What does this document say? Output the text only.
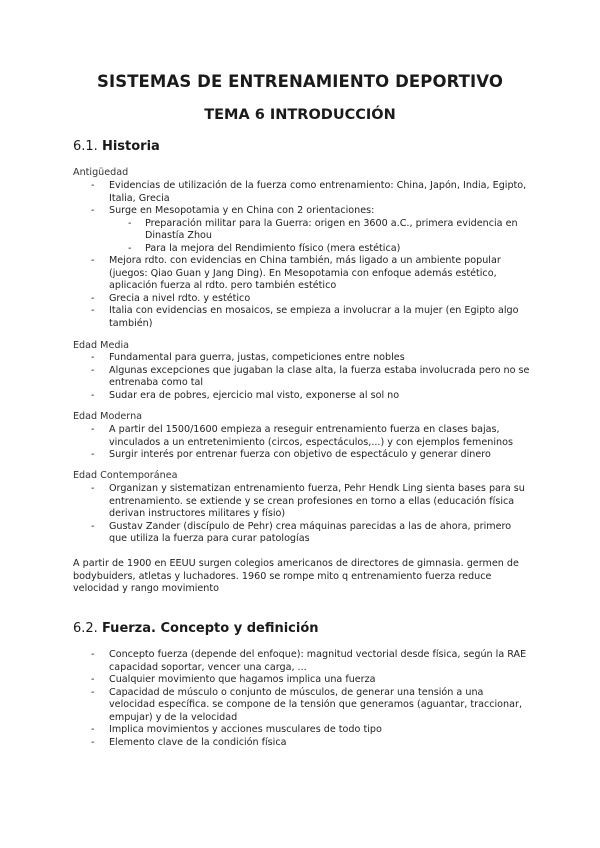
SISTEMAS DE ENTRENAMIENTO DEPORTIVO
TEMA 6 INTRODUCCIÓN
6.1. Historia
Antigüedad
- Evidencias de utilización de la fuerza como entrenamiento: China, Japón, India, Egipto, Italia, Grecia
- Surge en Mesopotamia y en China con 2 orientaciones:
- Preparación militar para la Guerra: origen en 3600 a.C., primera evidencia en Dinastía Zhou
- Para la mejora del Rendimiento físico (mera estética)
- Mejora rdto. con evidencias en China también, más ligado a un ambiente popular (juegos: Qiao Guan y Jang Ding). En Mesopotamia con enfoque además estético, aplicación fuerza al rdto. pero también estético
- Grecia a nivel rdto. y estético
- Italia con evidencias en mosaicos, se empieza a involucrar a la mujer (en Egipto algo también)
Edad Media
- Fundamental para guerra, justas, competiciones entre nobles
- Algunas excepciones que jugaban la clase alta, la fuerza estaba involucrada pero no se entrenaba como tal
- Sudar era de pobres, ejercicio mal visto, exponerse al sol no
Edad Moderna
- A partir del 1500/1600 empieza a reseguir entrenamiento fuerza en clases bajas, vinculados a un entretenimiento (circos, espectáculos,...) y con ejemplos femeninos
- Surgir interés por entrenar fuerza con objetivo de espectáculo y generar dinero
Edad Contemporánea
- Organizan y sistematizan entrenamiento fuerza, Pehr Hendk Ling sienta bases para su entrenamiento. se extiende y se crean profesiones en torno a ellas (educación física derivan instructores militares y físio)
- Gustav Zander (discípulo de Pehr) crea máquinas parecidas a las de ahora, primero que utiliza la fuerza para curar patologías
A partir de 1900 en EEUU surgen colegios americanos de directores de gimnasia. germen de bodybuiders, atletas y luchadores. 1960 se rompe mito q entrenamiento fuerza reduce velocidad y rango movimiento
6.2. Fuerza. Concepto y definición
- Concepto fuerza (depende del enfoque): magnitud vectorial desde física, según la RAE capacidad soportar, vencer una carga, ...
- Cualquier movimiento que hagamos implica una fuerza
- Capacidad de músculo o conjunto de músculos, de generar una tensión a una velocidad específica. se compone de la tensión que generamos (aguantar, traccionar, empujar) y de la velocidad
- Implica movimientos y acciones musculares de todo tipo
- Elemento clave de la condición física
